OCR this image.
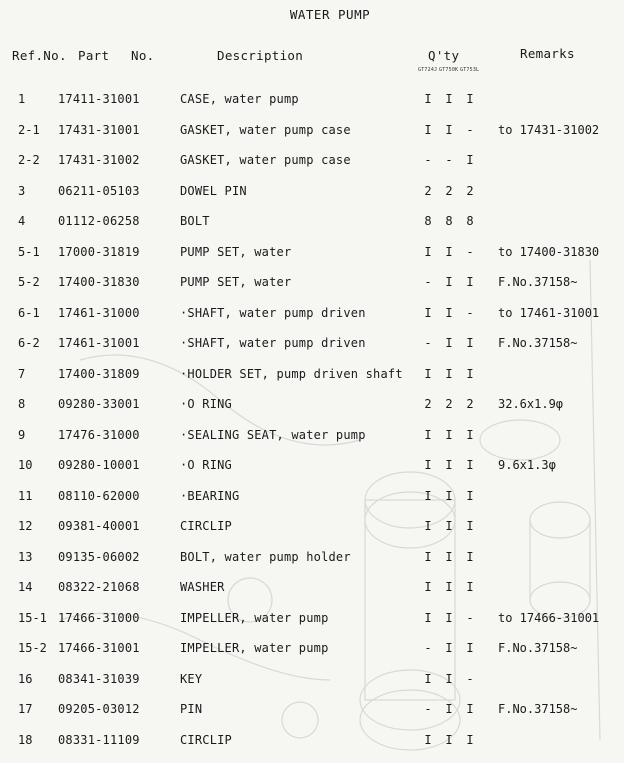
WATER PUMP
Ref.No. Part No.	Description	Q'ty	Remarks
GT724J GT750K GT753L
1	17411-31001	CASE, water pump	I I I
2-1 17431-31001	GASKET, water pump case	I I - to 17431-31002
2-2 17431-31002	GASKET, water pump case	- - I
3	06211-05103	DOWEL PIN	2 2 2
4	01112-06258	BOLT	8 8 8
5-1 17000-31819	PUMP SET, water	I I - to 17400-31830
5-2 17400-31830	PUMP SET, water	- I I F.No.37158~
6-1 17461-31000	·SHAFT, water pump driven	I I - to 17461-31001
6-2 17461-31001	·SHAFT, water pump driven	- I I F.No.37158~
7	17400-31809	·HOLDER SET, pump driven shaft I I I
8	09280-33001	·O RING	2 2 2 32.6x1.9φ
9	17476-31000	·SEALING SEAT, water pump	I I I
10 09280-10001	·O RING	I I I 9.6x1.3φ
11 08110-62000	·BEARING	I I I
12 09381-40001	CIRCLIP	I I I
13 09135-06002	BOLT, water pump holder	I I I
14 08322-21068	WASHER	I I I
15-1 17466-31000	IMPELLER, water pump	I I - to 17466-31001
15-2 17466-31001	IMPELLER, water pump	- I I F.No.37158~
16 08341-31039	KEY	I I -
17 09205-03012	PIN	- I I F.No.37158~
18 08331-11109	CIRCLIP	I I I
